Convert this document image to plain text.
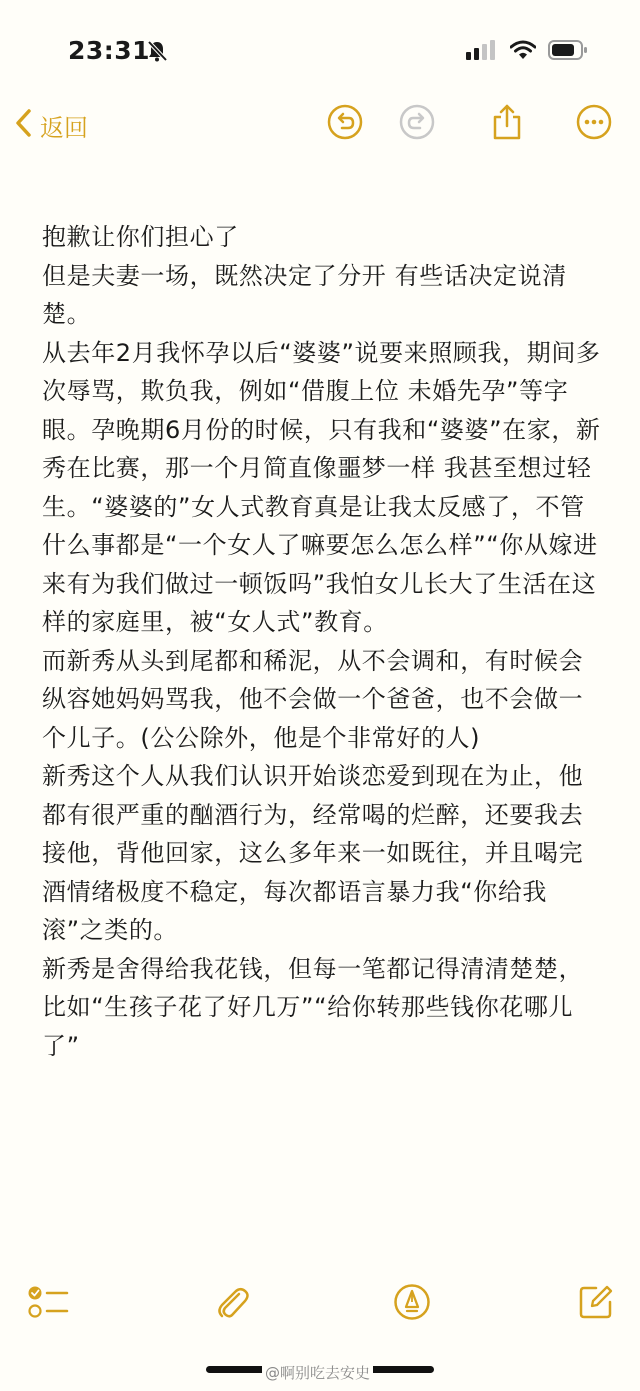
23:31
返回

抱歉让你们担心了

但是夫妻一场，既然决定了分开 有些话决定说清楚。

从去年2月我怀孕以后“婆婆”说要来照顾我，期间多次辱骂，欺负我，例如“借腹上位 未婚先孕”等字眼。孕晚期6月份的时候，只有我和“婆婆”在家，新秀在比赛，那一个月简直像噩梦一样 我甚至想过轻生。“婆婆的”女人式教育真是让我太反感了，不管什么事都是“一个女人了嘛要怎么怎么样”“你从嫁进来有为我们做过一顿饭吗”我怕女儿长大了生活在这样的家庭里，被“女人式”教育。

而新秀从头到尾都和稀泥，从不会调和，有时候会纵容她妈妈骂我，他不会做一个爸爸，也不会做一个儿子。(公公除外，他是个非常好的人)

新秀这个人从我们认识开始谈恋爱到现在为止，他都有很严重的酗酒行为，经常喝的烂醉，还要我去接他，背他回家，这么多年来一如既往，并且喝完酒情绪极度不稳定，每次都语言暴力我“你给我滚”之类的。

新秀是舍得给我花钱，但每一笔都记得清清楚楚，比如“生孩子花了好几万”“给你转那些钱你花哪儿了”

@啊别吃去安史
